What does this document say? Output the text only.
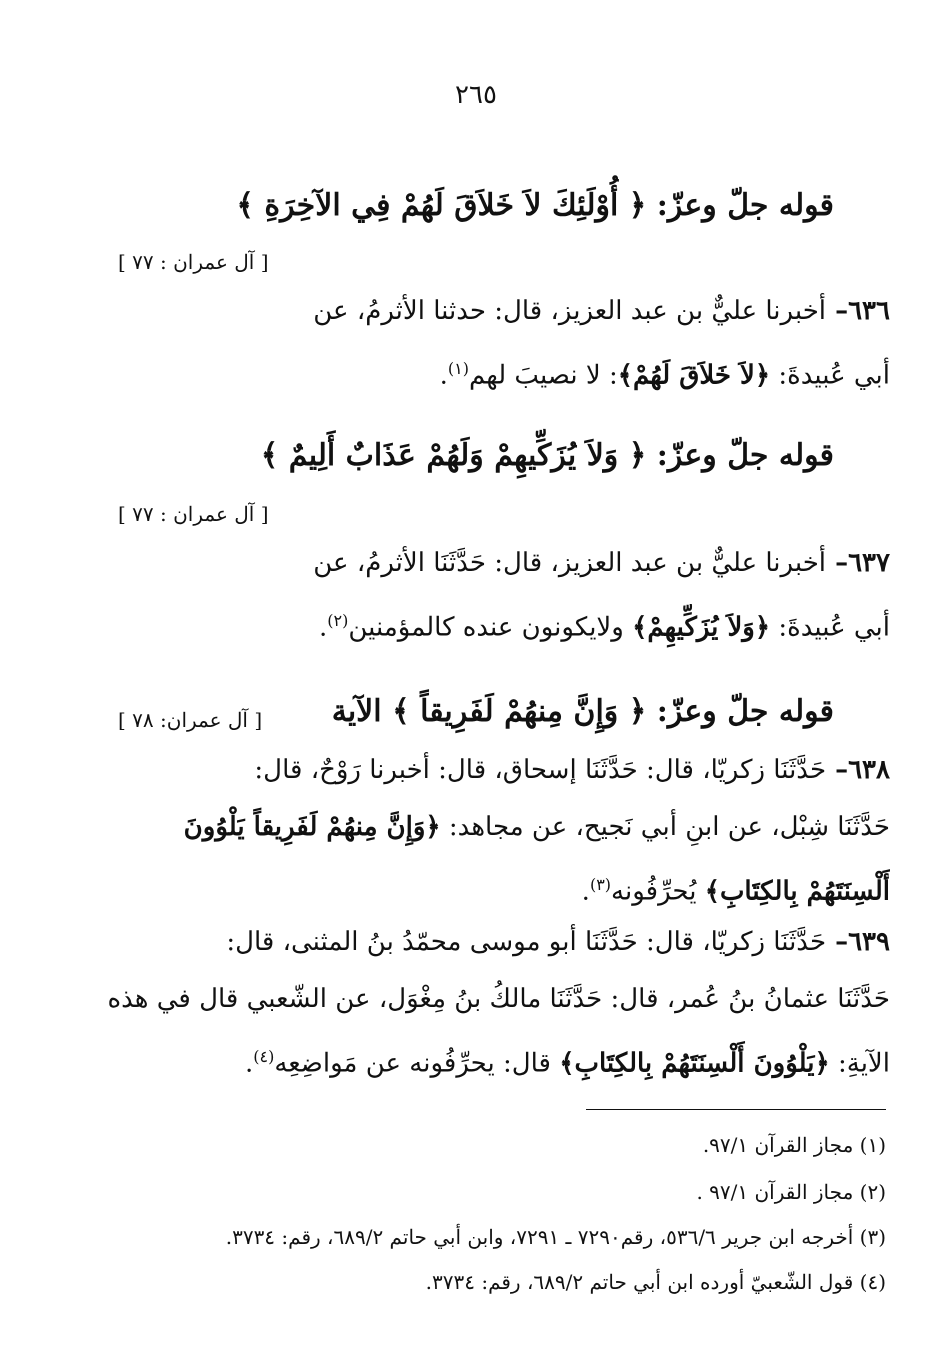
٢٦٥
قوله جلّ وعزّ: ﴿ أُوْلَئِكَ لاَ خَلاَقَ لَهُمْ فِي الآخِرَةِ ﴾
[ آل عمران : ٧٧ ]
٦٣٦– أخبرنا عليٌّ بن عبد العزيز، قال: حدثنا الأثرمُ، عن
أبي عُبيدةَ: ﴿لاَ خَلاَقَ لَهُمْ﴾: لا نصيبَ لهم$^{(١)}$.
قوله جلّ وعزّ: ﴿ وَلاَ يُزَكِّيهِمْ وَلَهُمْ عَذَابٌ أَلِيمٌ ﴾
[ آل عمران : ٧٧ ]
٦٣٧– أخبرنا عليٌّ بن عبد العزيز، قال: حَدَّثَنَا الأثرمُ، عن
أبي عُبيدةَ: ﴿وَلاَ يُزَكِّيهِمْ﴾ ولايكونون عنده كالمؤمنين$^{(٢)}$.
قوله جلّ وعزّ: ﴿ وَإِنَّ مِنهُمْ لَفَرِيقاً ﴾ الآية
[ آل عمران: ٧٨ ]
٦٣٨– حَدَّثَنَا زكريّا، قال: حَدَّثَنَا إسحاق، قال: أخبرنا رَوْحٌ، قال:
حَدَّثَنَا شِبْل، عن ابنِ أبي نَجيح، عن مجاهد: ﴿وَإِنَّ مِنهُمْ لَفَرِيقاً يَلْوُونَ
أَلْسِنَتَهُمْ بِالكِتَابِ﴾ يُحرِّفُونه$^{(٣)}$.
٦٣٩– حَدَّثَنَا زكريّا، قال: حَدَّثَنَا أبو موسى محمّدُ بنُ المثنى، قال:
حَدَّثَنَا عثمانُ بنُ عُمر، قال: حَدَّثَنَا مالكُ بنُ مِغْوَل، عن الشّعبي قال في هذه
الآيةِ: ﴿يَلْوُونَ أَلْسِنَتَهُمْ بِالكِتَابِ﴾ قال: يحرِّفُونه عن مَواضِعِه$^{(٤)}$.
(١) مجاز القرآن ٩٧/١.
(٢) مجاز القرآن ٩٧/١ .
(٣) أخرجه ابن جرير ٥٣٦/٦، رقم٧٢٩٠ ـ ٧٢٩١، وابن أبي حاتم ٦٨٩/٢، رقم: ٣٧٣٤.
(٤) قول الشّعبيّ أورده ابن أبي حاتم ٦٨٩/٢، رقم: ٣٧٣٤.
